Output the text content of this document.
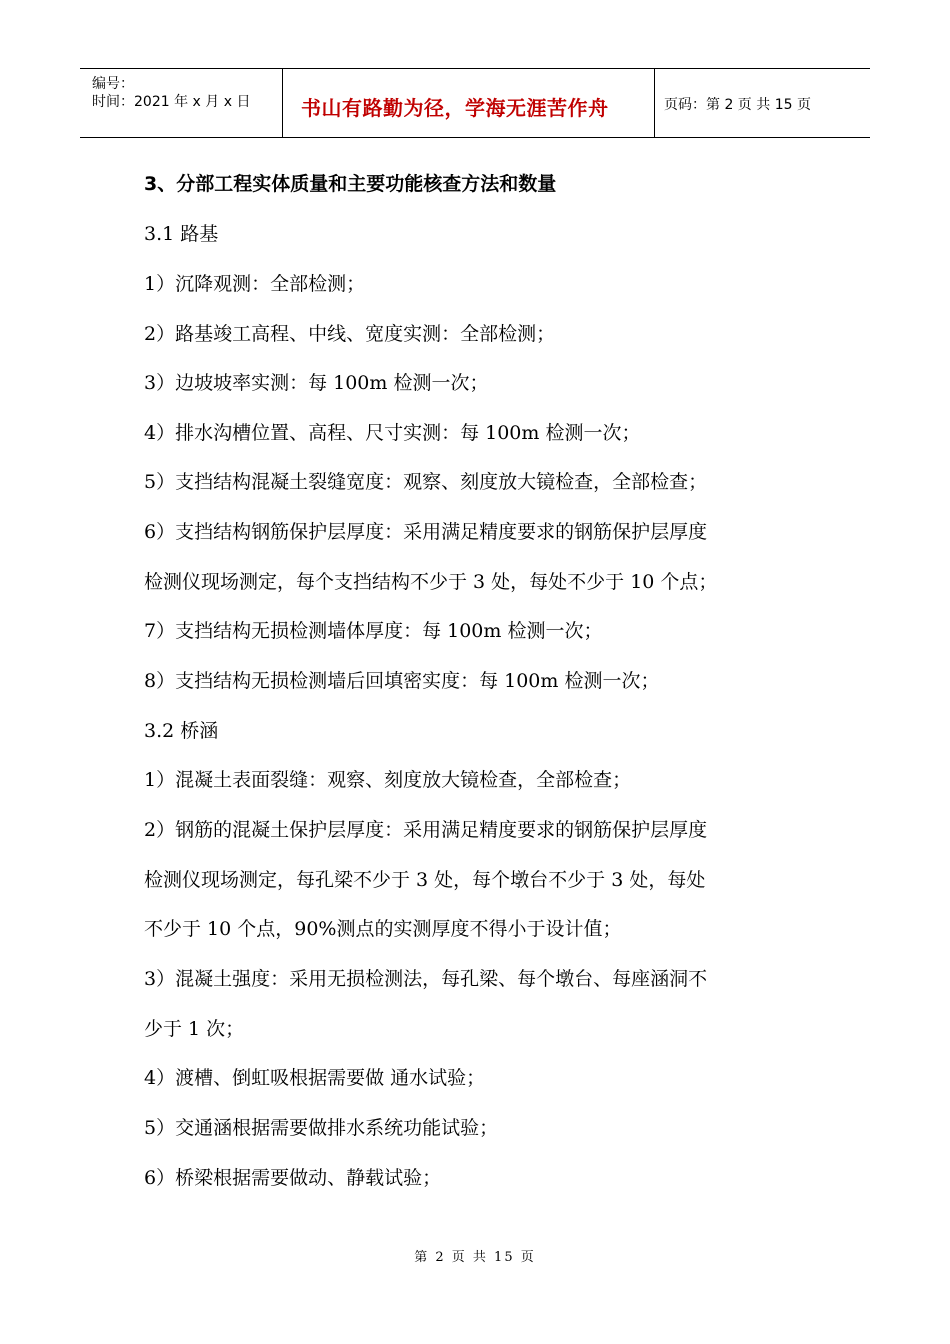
编号：
时间：2021 年 x 月 x 日	书山有路勤为径，学海无涯苦作舟	页码：第 2 页 共 15 页
3、分部工程实体质量和主要功能核查方法和数量
3.1 路基
1）沉降观测：全部检测；
2）路基竣工高程、中线、宽度实测：全部检测；
3）边坡坡率实测：每 100m 检测一次；
4）排水沟槽位置、高程、尺寸实测：每 100m 检测一次；
5）支挡结构混凝土裂缝宽度：观察、刻度放大镜检查，全部检查；
6）支挡结构钢筋保护层厚度：采用满足精度要求的钢筋保护层厚度
检测仪现场测定，每个支挡结构不少于 3 处，每处不少于 10 个点；
7）支挡结构无损检测墙体厚度：每 100m 检测一次；
8）支挡结构无损检测墙后回填密实度：每 100m 检测一次；
3.2 桥涵
1）混凝土表面裂缝：观察、刻度放大镜检查，全部检查；
2）钢筋的混凝土保护层厚度：采用满足精度要求的钢筋保护层厚度
检测仪现场测定，每孔梁不少于 3 处，每个墩台不少于 3 处，每处
不少于 10 个点，90%测点的实测厚度不得小于设计值；
3）混凝土强度：采用无损检测法，每孔梁、每个墩台、每座涵洞不
少于 1 次；
4）渡槽、倒虹吸根据需要做 通水试验；
5）交通涵根据需要做排水系统功能试验；
6）桥梁根据需要做动、静载试验；
第 2 页 共 15 页
